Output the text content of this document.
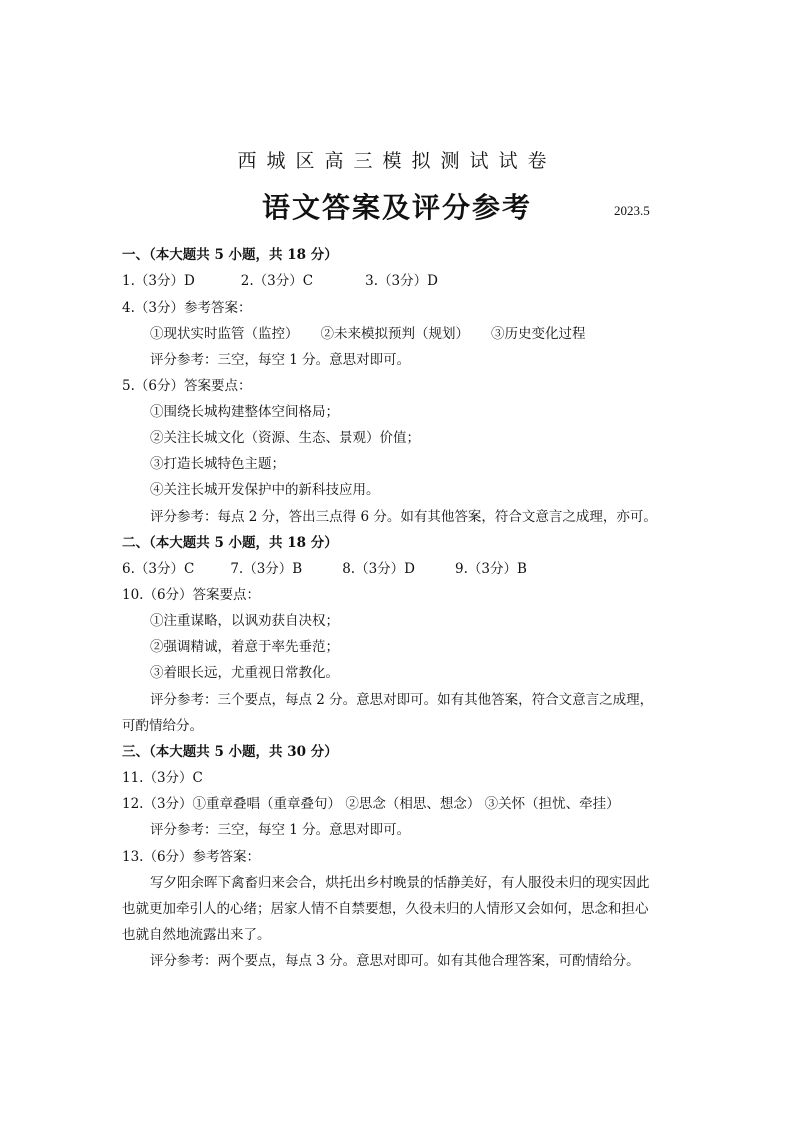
西城区高三模拟测试试卷
语文答案及评分参考	2023.5
一、（本大题共 5 小题，共 18 分）
1.（3分）D	2.（3分）C	3.（3分）D
4.（3分）参考答案：
①现状实时监管（监控） ②未来模拟预判（规划） ③历史变化过程
评分参考：三空，每空 1 分。意思对即可。
5.（6分）答案要点：
①围绕长城构建整体空间格局；
②关注长城文化（资源、生态、景观）价值；
③打造长城特色主题；
④关注长城开发保护中的新科技应用。
评分参考：每点 2 分，答出三点得 6 分。如有其他答案，符合文意言之成理，亦可。
二、（本大题共 5 小题，共 18 分）
6.（3分）C	7.（3分）B	8.（3分）D	9.（3分）B
10.（6分）答案要点：
①注重谋略，以讽劝获自决权；
②强调精诚，着意于率先垂范；
③着眼长远，尤重视日常教化。
评分参考：三个要点，每点 2 分。意思对即可。如有其他答案，符合文意言之成理，
可酌情给分。
三、（本大题共 5 小题，共 30 分）
11.（3分）C
12.（3分）①重章叠唱（重章叠句） ②思念（相思、想念） ③关怀（担忧、牵挂）
评分参考：三空，每空 1 分。意思对即可。
13.（6分）参考答案：
写夕阳余晖下禽畜归来会合，烘托出乡村晚景的恬静美好，有人服役未归的现实因此
也就更加牵引人的心绪；居家人情不自禁要想，久役未归的人情形又会如何，思念和担心
也就自然地流露出来了。
评分参考：两个要点，每点 3 分。意思对即可。如有其他合理答案，可酌情给分。
